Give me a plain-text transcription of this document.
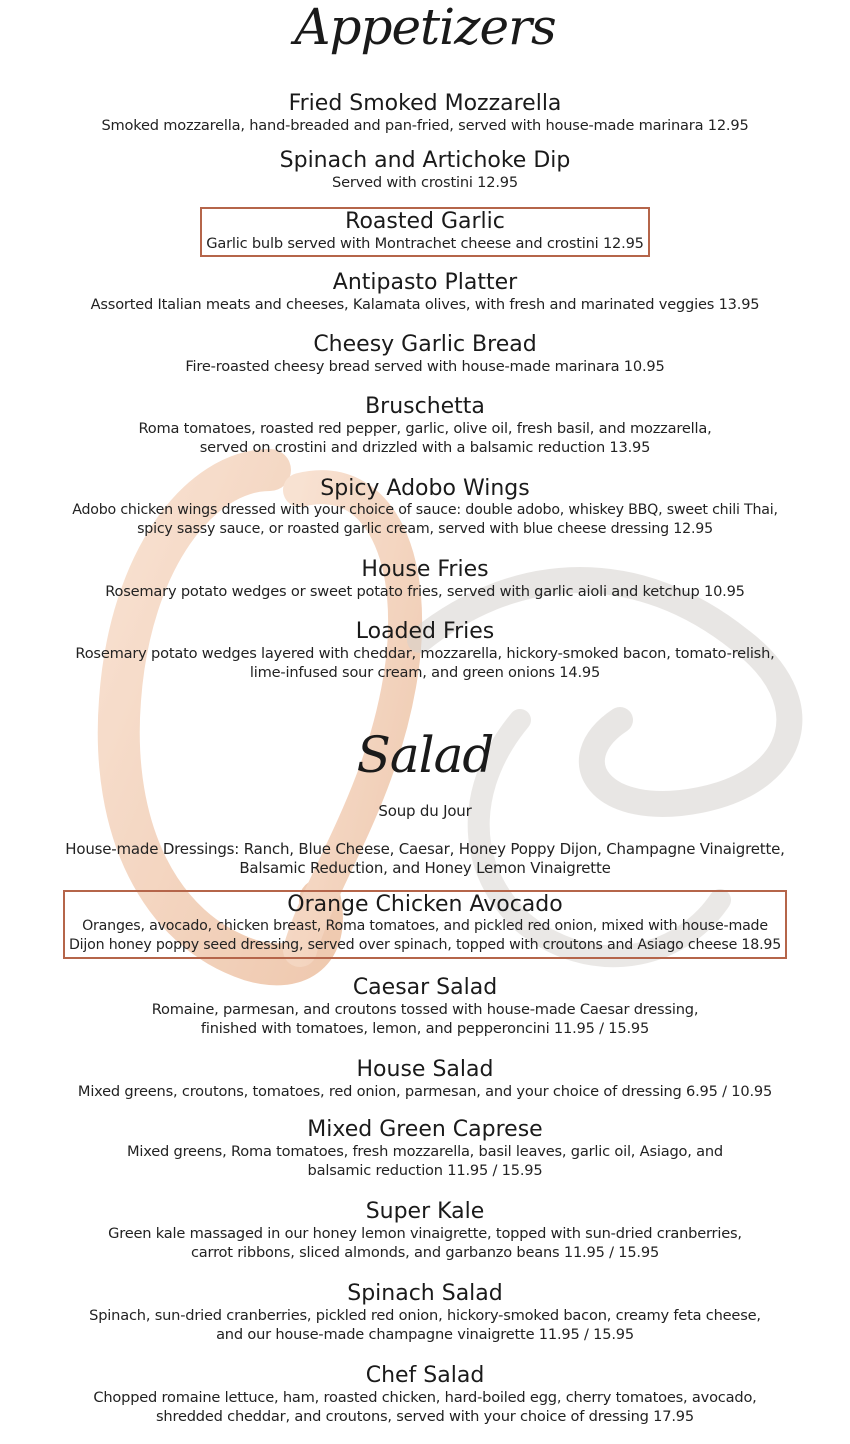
Appetizers
Fried Smoked Mozzarella
Smoked mozzarella, hand-breaded and pan-fried, served with house-made marinara 12.95
Spinach and Artichoke Dip
Served with crostini 12.95
Roasted Garlic
Garlic bulb served with Montrachet cheese and crostini 12.95
Antipasto Platter
Assorted Italian meats and cheeses, Kalamata olives, with fresh and marinated veggies 13.95
Cheesy Garlic Bread
Fire-roasted cheesy bread served with house-made marinara 10.95
Bruschetta
Roma tomatoes, roasted red pepper, garlic, olive oil, fresh basil, and mozzarella,
served on crostini and drizzled with a balsamic reduction 13.95
Spicy Adobo Wings
Adobo chicken wings dressed with your choice of sauce: double adobo, whiskey BBQ, sweet chili Thai,
spicy sassy sauce, or roasted garlic cream, served with blue cheese dressing 12.95
House Fries
Rosemary potato wedges or sweet potato fries, served with garlic aioli and ketchup 10.95
Loaded Fries
Rosemary potato wedges layered with cheddar, mozzarella, hickory-smoked bacon, tomato-relish,
lime-infused sour cream, and green onions 14.95
Salad
Soup du Jour
House-made Dressings: Ranch, Blue Cheese, Caesar, Honey Poppy Dijon, Champagne Vinaigrette,
Balsamic Reduction, and Honey Lemon Vinaigrette
Orange Chicken Avocado
Oranges, avocado, chicken breast, Roma tomatoes, and pickled red onion, mixed with house-made
Dijon honey poppy seed dressing, served over spinach, topped with croutons and Asiago cheese 18.95
Caesar Salad
Romaine, parmesan, and croutons tossed with house-made Caesar dressing,
finished with tomatoes, lemon, and pepperoncini 11.95 / 15.95
House Salad
Mixed greens, croutons, tomatoes, red onion, parmesan, and your choice of dressing 6.95 / 10.95
Mixed Green Caprese
Mixed greens, Roma tomatoes, fresh mozzarella, basil leaves, garlic oil, Asiago, and
balsamic reduction 11.95 / 15.95
Super Kale
Green kale massaged in our honey lemon vinaigrette, topped with sun-dried cranberries,
carrot ribbons, sliced almonds, and garbanzo beans 11.95 / 15.95
Spinach Salad
Spinach, sun-dried cranberries, pickled red onion, hickory-smoked bacon, creamy feta cheese,
and our house-made champagne vinaigrette 11.95 / 15.95
Chef Salad
Chopped romaine lettuce, ham, roasted chicken, hard-boiled egg, cherry tomatoes, avocado,
shredded cheddar, and croutons, served with your choice of dressing 17.95
